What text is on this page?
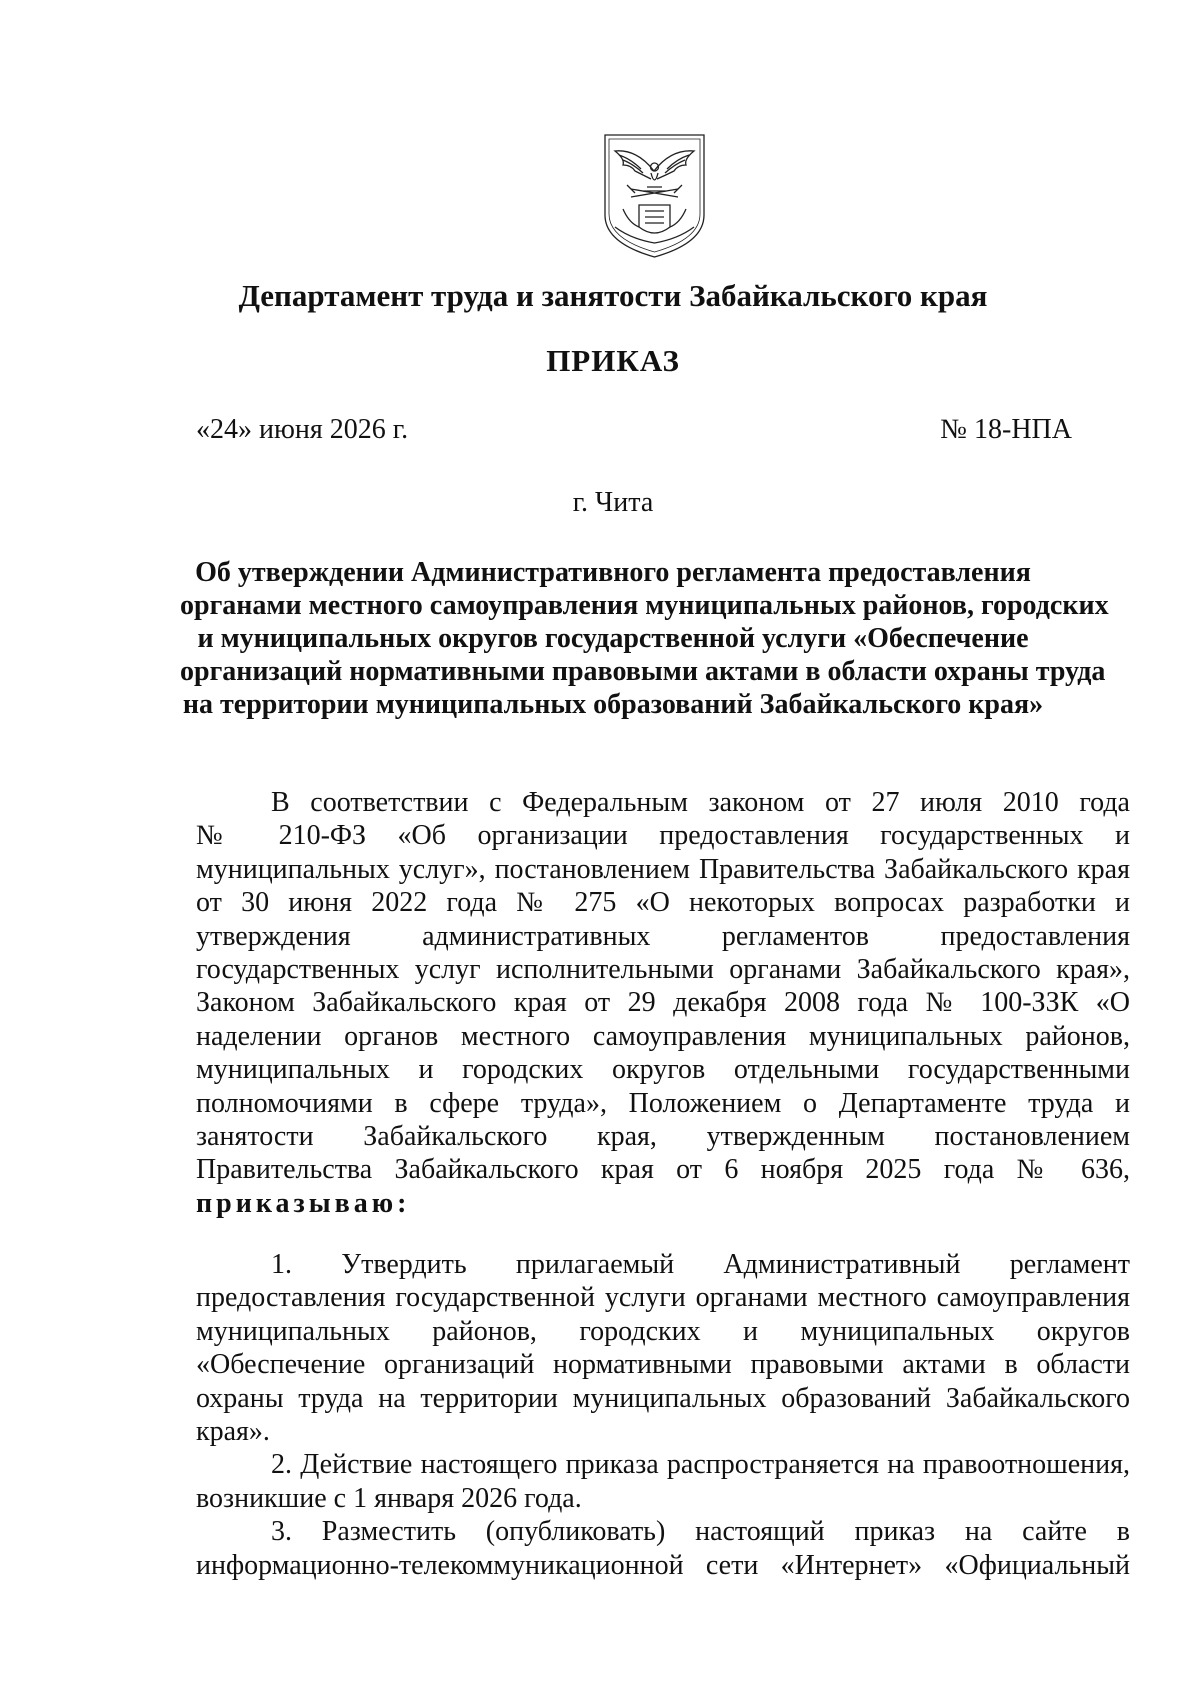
Департамент труда и занятости Забайкальского края
ПРИКАЗ
«24» июня 2026 г.	№ 18-НПА
г. Чита
Об утверждении Административного регламента предоставления
органами местного самоуправления муниципальных районов, городских
и муниципальных округов государственной услуги «Обеспечение
организаций нормативными правовыми актами в области охраны труда
на территории муниципальных образований Забайкальского края»
В соответствии с Федеральным законом от 27 июля 2010 года
№ 210-ФЗ «Об организации предоставления государственных и
муниципальных услуг», постановлением Правительства Забайкальского края
от 30 июня 2022 года № 275 «О некоторых вопросах разработки и
утверждения административных регламентов предоставления
государственных услуг исполнительными органами Забайкальского края»,
Законом Забайкальского края от 29 декабря 2008 года № 100-ЗЗК «О
наделении органов местного самоуправления муниципальных районов,
муниципальных и городских округов отдельными государственными
полномочиями в сфере труда», Положением о Департаменте труда и
занятости Забайкальского края, утвержденным постановлением
Правительства Забайкальского края от 6 ноября 2025 года № 636,
приказываю:
1. Утвердить прилагаемый Административный регламент
предоставления государственной услуги органами местного самоуправления
муниципальных районов, городских и муниципальных округов
«Обеспечение организаций нормативными правовыми актами в области
охраны труда на территории муниципальных образований Забайкальского
края».
2. Действие настоящего приказа распространяется на правоотношения,
возникшие с 1 января 2026 года.
3. Разместить (опубликовать) настоящий приказ на сайте в
информационно-телекоммуникационной сети «Интернет» «Официальный
